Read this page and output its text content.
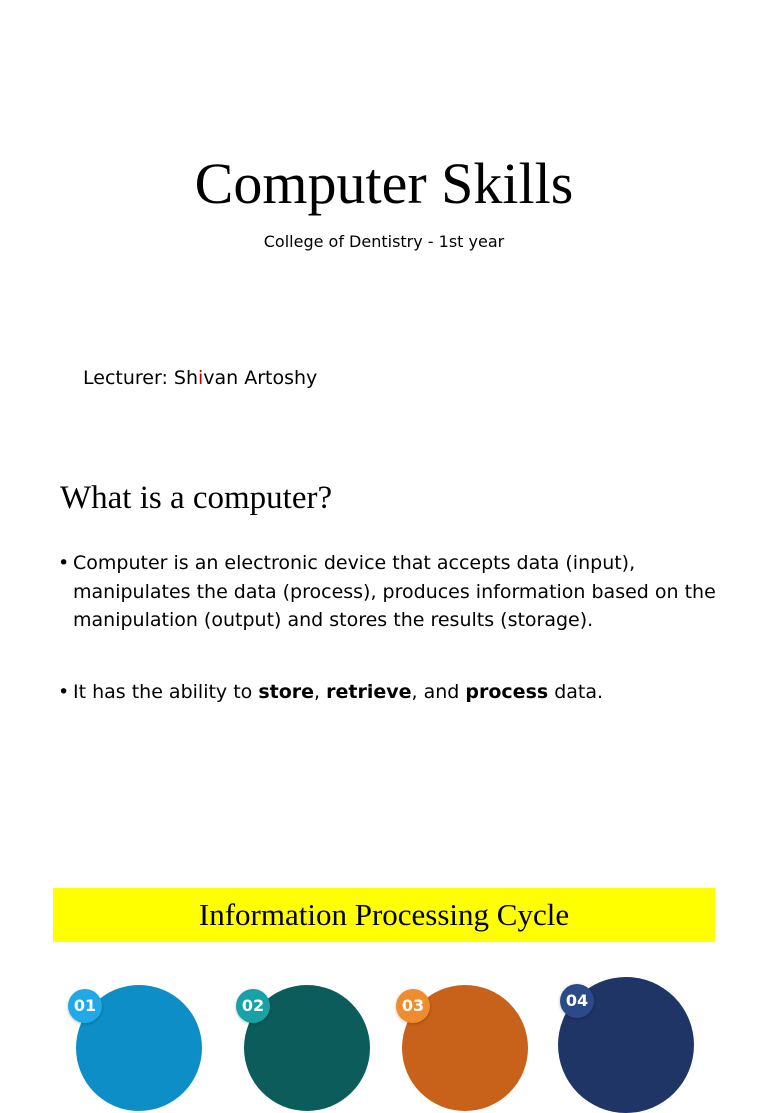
Computer Skills
College of Dentistry - 1st year
Lecturer: Shivan Artoshy
What is a computer?
• Computer is an electronic device that accepts data (input), manipulates the data (process), produces information based on the manipulation (output) and stores the results (storage).
• It has the ability to store, retrieve, and process data.
Information Processing Cycle
01	02	03	04
